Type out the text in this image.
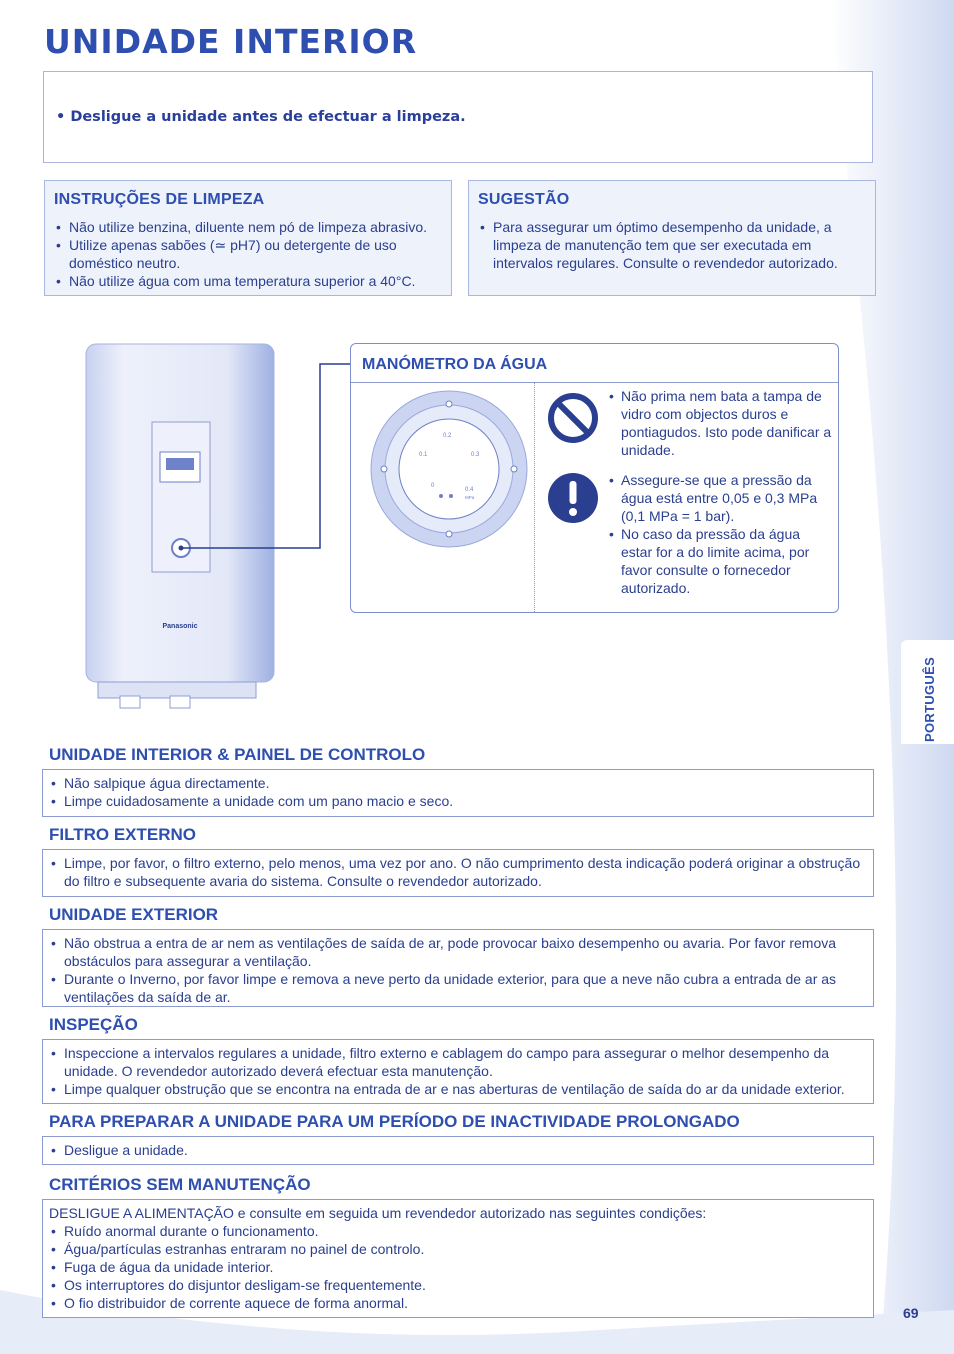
UNIDADE INTERIOR
• Desligue a unidade antes de efectuar a limpeza.
INSTRUÇÕES DE LIMPEZA
• Não utilize benzina, diluente nem pó de limpeza abrasivo.
• Utilize apenas sabões (≃ pH7) ou detergente de uso doméstico neutro.
• Não utilize água com uma temperatura superior a 40°C.
SUGESTÃO
• Para assegurar um óptimo desempenho da unidade, a limpeza de manutenção tem que ser executada em intervalos regulares. Consulte o revendedor autorizado.
Panasonic
MANÓMETRO DA ÁGUA
0.1
0.2
0.3
0.4
0
MPa
• Não prima nem bata a tampa de vidro com objectos duros e pontiagudos. Isto pode danificar a unidade.
• Assegure-se que a pressão da água está entre 0,05 e 0,3 MPa (0,1 MPa = 1 bar).
• No caso da pressão da água estar for a do limite acima, por favor consulte o fornecedor autorizado.
UNIDADE INTERIOR & PAINEL DE CONTROLO
• Não salpique água directamente.
• Limpe cuidadosamente a unidade com um pano macio e seco.
FILTRO EXTERNO
• Limpe, por favor, o filtro externo, pelo menos, uma vez por ano. O não cumprimento desta indicação poderá originar a obstrução do filtro e subsequente avaria do sistema. Consulte o revendedor autorizado.
UNIDADE EXTERIOR
• Não obstrua a entra de ar nem as ventilações de saída de ar, pode provocar baixo desempenho ou avaria. Por favor remova obstáculos para assegurar a ventilação.
• Durante o Inverno, por favor limpe e remova a neve perto da unidade exterior, para que a neve não cubra a entrada de ar as ventilações da saída de ar.
INSPEÇÃO
• Inspeccione a intervalos regulares a unidade, filtro externo e cablagem do campo para assegurar o melhor desempenho da unidade. O revendedor autorizado deverá efectuar esta manutenção.
• Limpe qualquer obstrução que se encontra na entrada de ar e nas aberturas de ventilação de saída do ar da unidade exterior.
PARA PREPARAR A UNIDADE PARA UM PERÍODO DE INACTIVIDADE PROLONGADO
• Desligue a unidade.
CRITÉRIOS SEM MANUTENÇÃO
DESLIGUE A ALIMENTAÇÃO e consulte em seguida um revendedor autorizado nas seguintes condições:
• Ruído anormal durante o funcionamento.
• Água/partículas estranhas entraram no painel de controlo.
• Fuga de água da unidade interior.
• Os interruptores do disjuntor desligam-se frequentemente.
• O fio distribuidor de corrente aquece de forma anormal.
PORTUGUÊS
69
